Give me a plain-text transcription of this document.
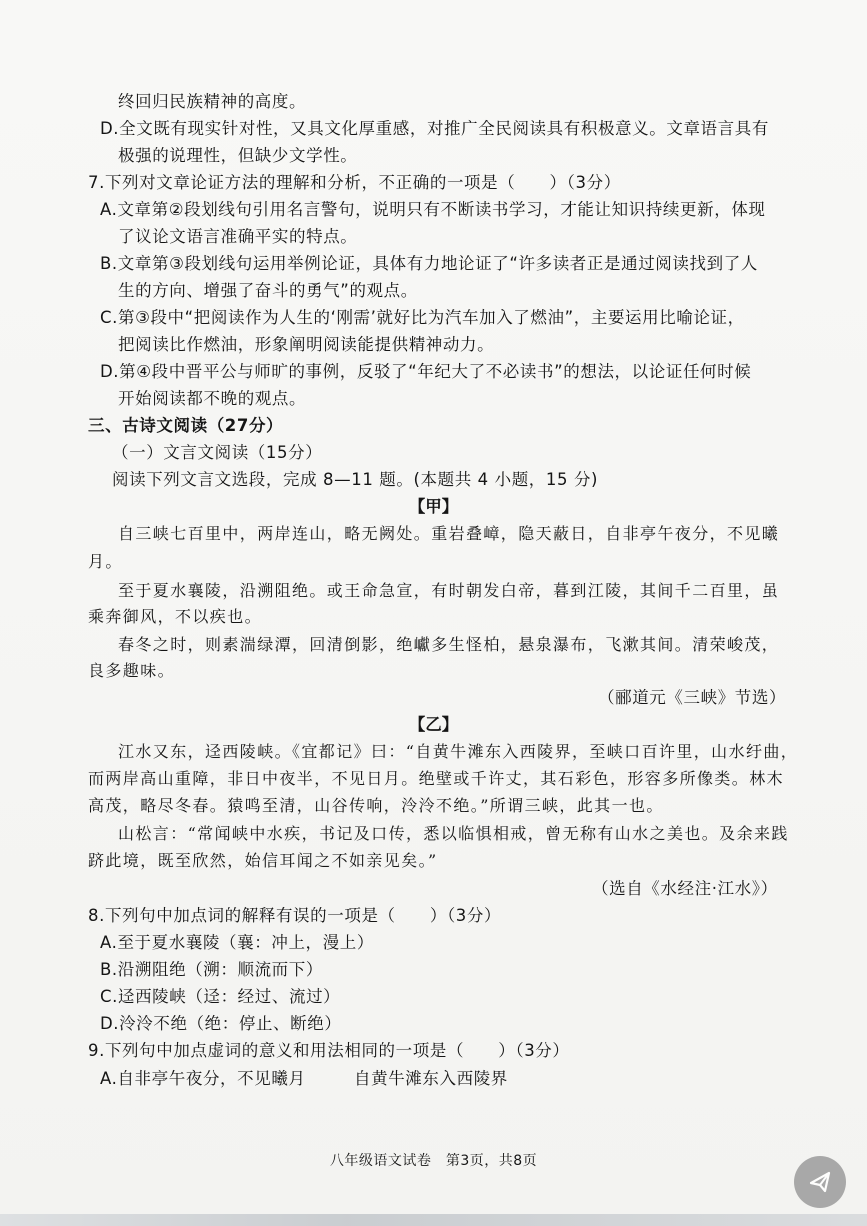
终回归民族精神的高度。
D.全文既有现实针对性，又具文化厚重感，对推广全民阅读具有积极意义。文章语言具有
极强的说理性，但缺少文学性。
7.下列对文章论证方法的理解和分析，不正确的一项是（　　）（3分）
A.文章第②段划线句引用名言警句，说明只有不断读书学习，才能让知识持续更新，体现
了议论文语言准确平实的特点。
B.文章第③段划线句运用举例论证，具体有力地论证了“许多读者正是通过阅读找到了人
生的方向、增强了奋斗的勇气”的观点。
C.第③段中“把阅读作为人生的‘刚需’就好比为汽车加入了燃油”，主要运用比喻论证，
把阅读比作燃油，形象阐明阅读能提供精神动力。
D.第④段中晋平公与师旷的事例，反驳了“年纪大了不必读书”的想法，以论证任何时候
开始阅读都不晚的观点。
三、古诗文阅读（27分）
（一）文言文阅读（15分）
阅读下列文言文选段，完成 8—11 题。(本题共 4 小题，15 分)
【甲】
自三峡七百里中，两岸连山，略无阙处。重岩叠嶂，隐天蔽日，自非亭午夜分，不见曦
月。
至于夏水襄陵，沿溯阻绝。或王命急宣，有时朝发白帝，暮到江陵，其间千二百里，虽
乘奔御风，不以疾也。
春冬之时，则素湍绿潭，回清倒影，绝巘多生怪柏，悬泉瀑布，飞漱其间。清荣峻茂，
良多趣味。
（郦道元《三峡》节选）
【乙】
江水又东，迳西陵峡。《宜都记》曰：“自黄牛滩东入西陵界，至峡口百许里，山水纡曲，
而两岸高山重障，非日中夜半，不见日月。绝壁或千许丈，其石彩色，形容多所像类。林木
高茂，略尽冬春。猿鸣至清，山谷传响，泠泠不绝。”所谓三峡，此其一也。
山松言：“常闻峡中水疾，书记及口传，悉以临惧相戒，曾无称有山水之美也。及余来践
跻此境，既至欣然，始信耳闻之不如亲见矣。”
（选自《水经注·江水》）
8.下列句中加点词的解释有误的一项是（　　）（3分）
A.至于夏水襄陵（襄：冲上，漫上）
B.沿溯阻绝（溯：顺流而下）
C.迳西陵峡（迳：经过、流过）
D.泠泠不绝（绝：停止、断绝）
9.下列句中加点虚词的意义和用法相同的一项是（　　）（3分）
A.自非亭午夜分，不见曦月	自黄牛滩东入西陵界
八年级语文试卷　第3页，共8页
